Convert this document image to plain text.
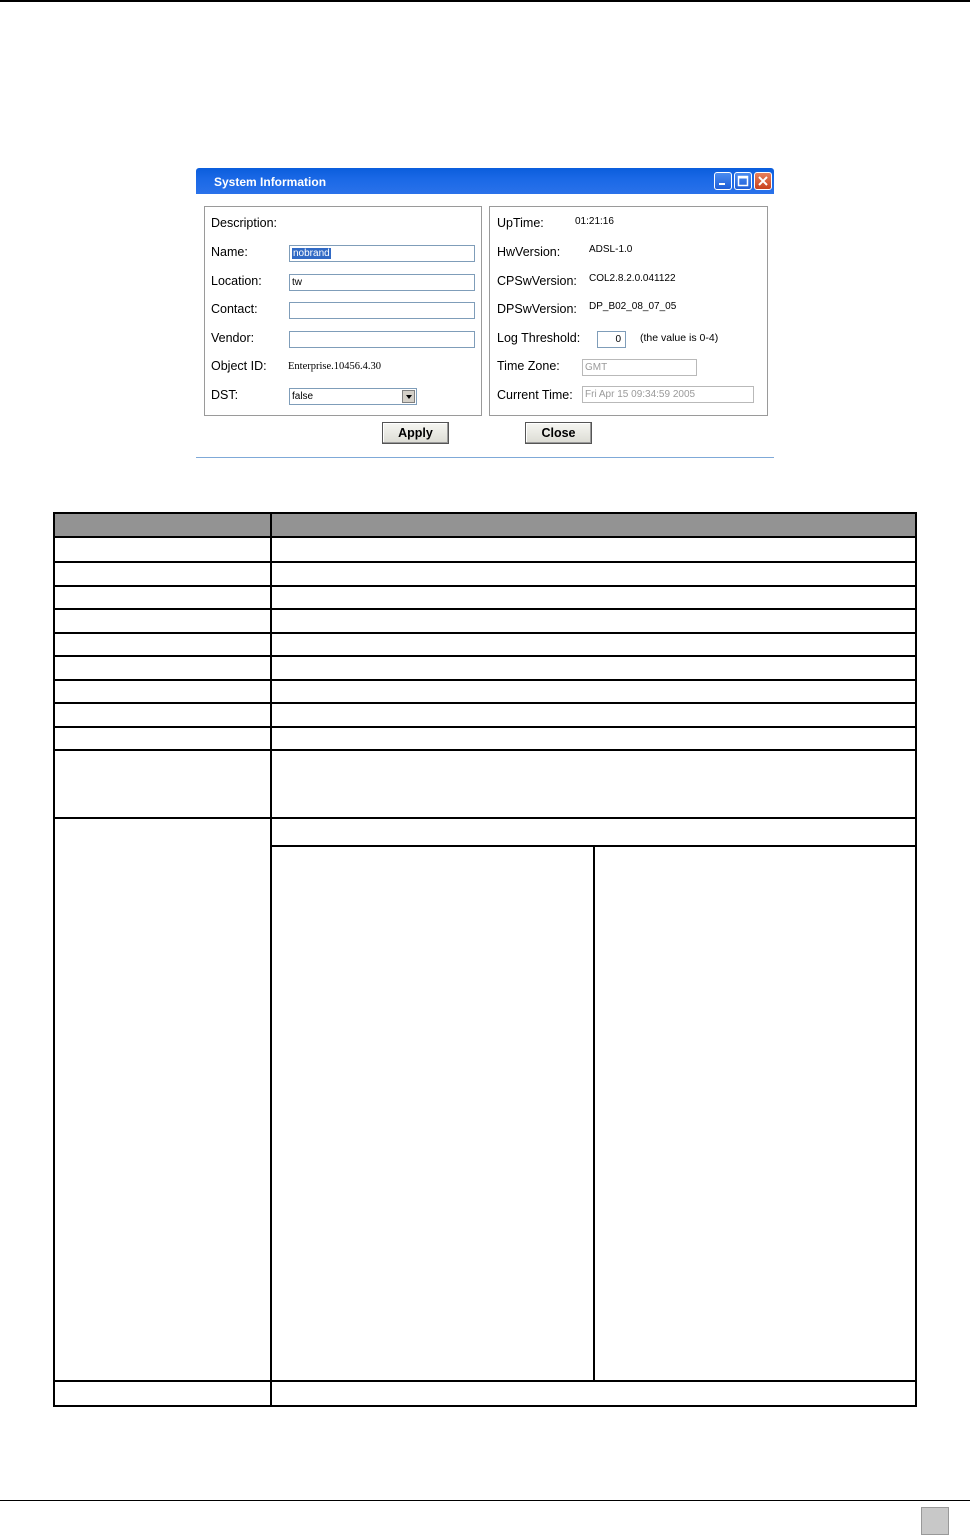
System Information
Description:
Name:	nobrand
Location:	tw
Contact:
Vendor:
Object ID: Enterprise.10456.4.30
DST:	false
UpTime:	01:21:16
HwVersion:	ADSL-1.0
CPSwVersion: COL2.8.2.0.041122
DPSwVersion: DP_B02_08_07_05
Log Threshold:	0	(the value is 0-4)
Time Zone:	GMT
Current Time:	Fri Apr 15 09:34:59 2005
Apply	Close
